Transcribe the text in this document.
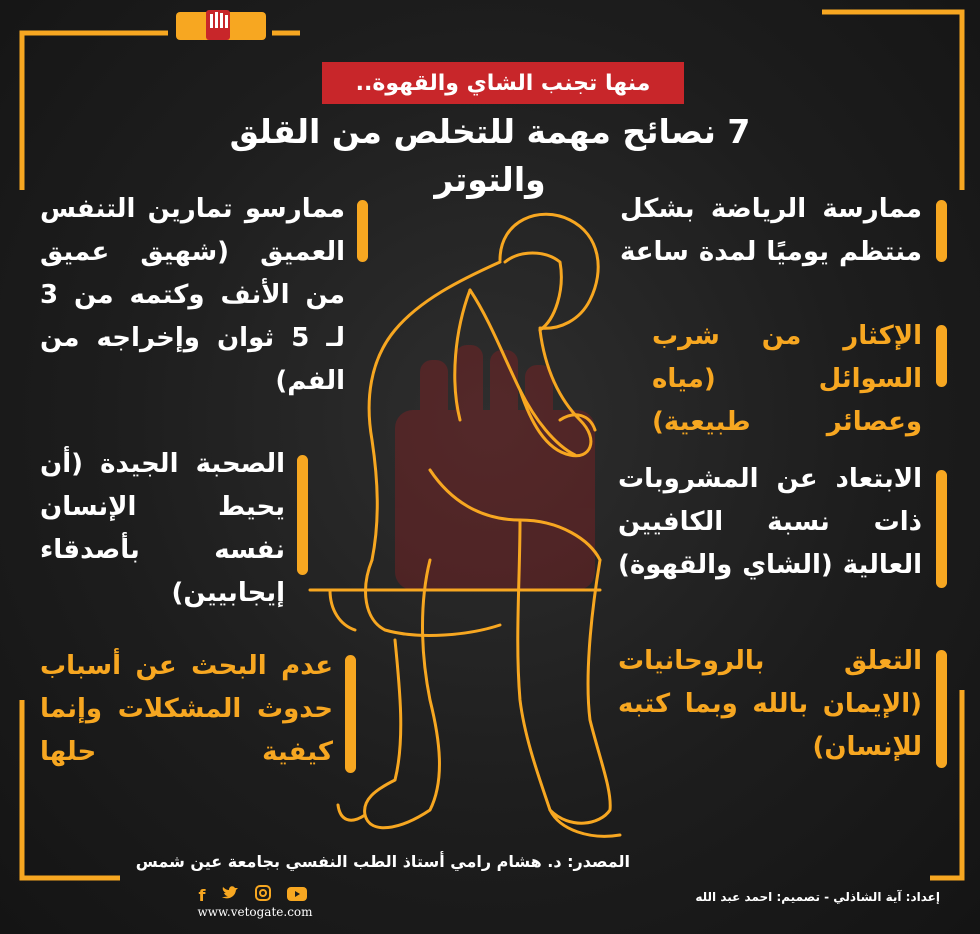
منها تجنب الشاي والقهوة..
7 نصائح مهمة للتخلص من القلق والتوتر
ممارسة الرياضة بشكل منتظم يوميًا لمدة ساعة
الإكثار من شرب السوائل (مياه وعصائر طبيعية)
الابتعاد عن المشروبات ذات نسبة الكافيين العالية (الشاي والقهوة)
التعلق بالروحانيات (الإيمان بالله وبما كتبه للإنسان)
ممارسو تمارين التنفس العميق (شهيق عميق من الأنف وكتمه من 3 لـ 5 ثوان وإخراجه من الفم)
الصحبة الجيدة (أن يحيط الإنسان نفسه بأصدقاء إيجابيين)
عدم البحث عن أسباب حدوث المشكلات وإنما كيفية حلها
المصدر: د. هشام رامي أستاذ الطب النفسي بجامعة عين شمس
إعداد: آية الشاذلي - تصميم: احمد عبد الله
f
www.vetogate.com
